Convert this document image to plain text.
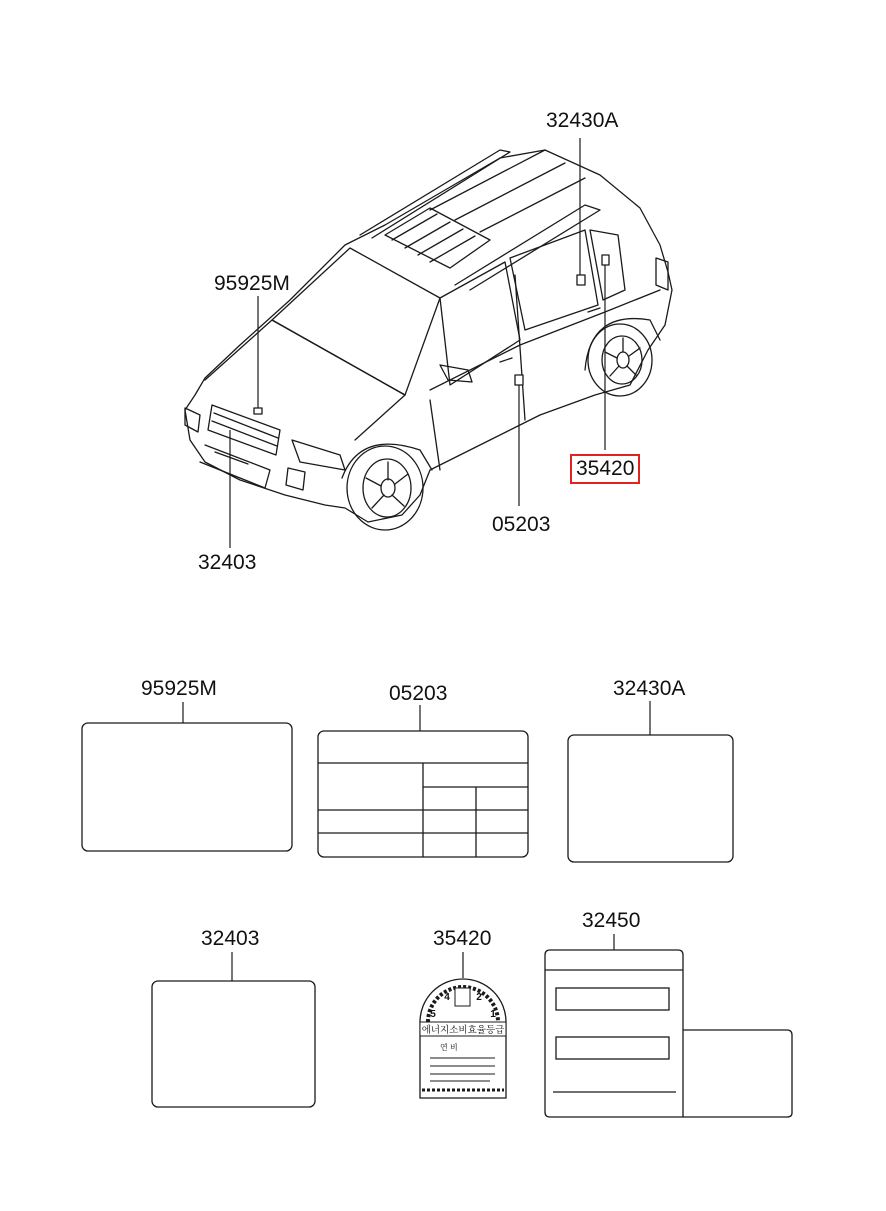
5
4	2
1
에너지소비효율등급
연 비
95925M
32430A
35420
05203
32403
95925M	05203	32430A
32403	35420
32450
